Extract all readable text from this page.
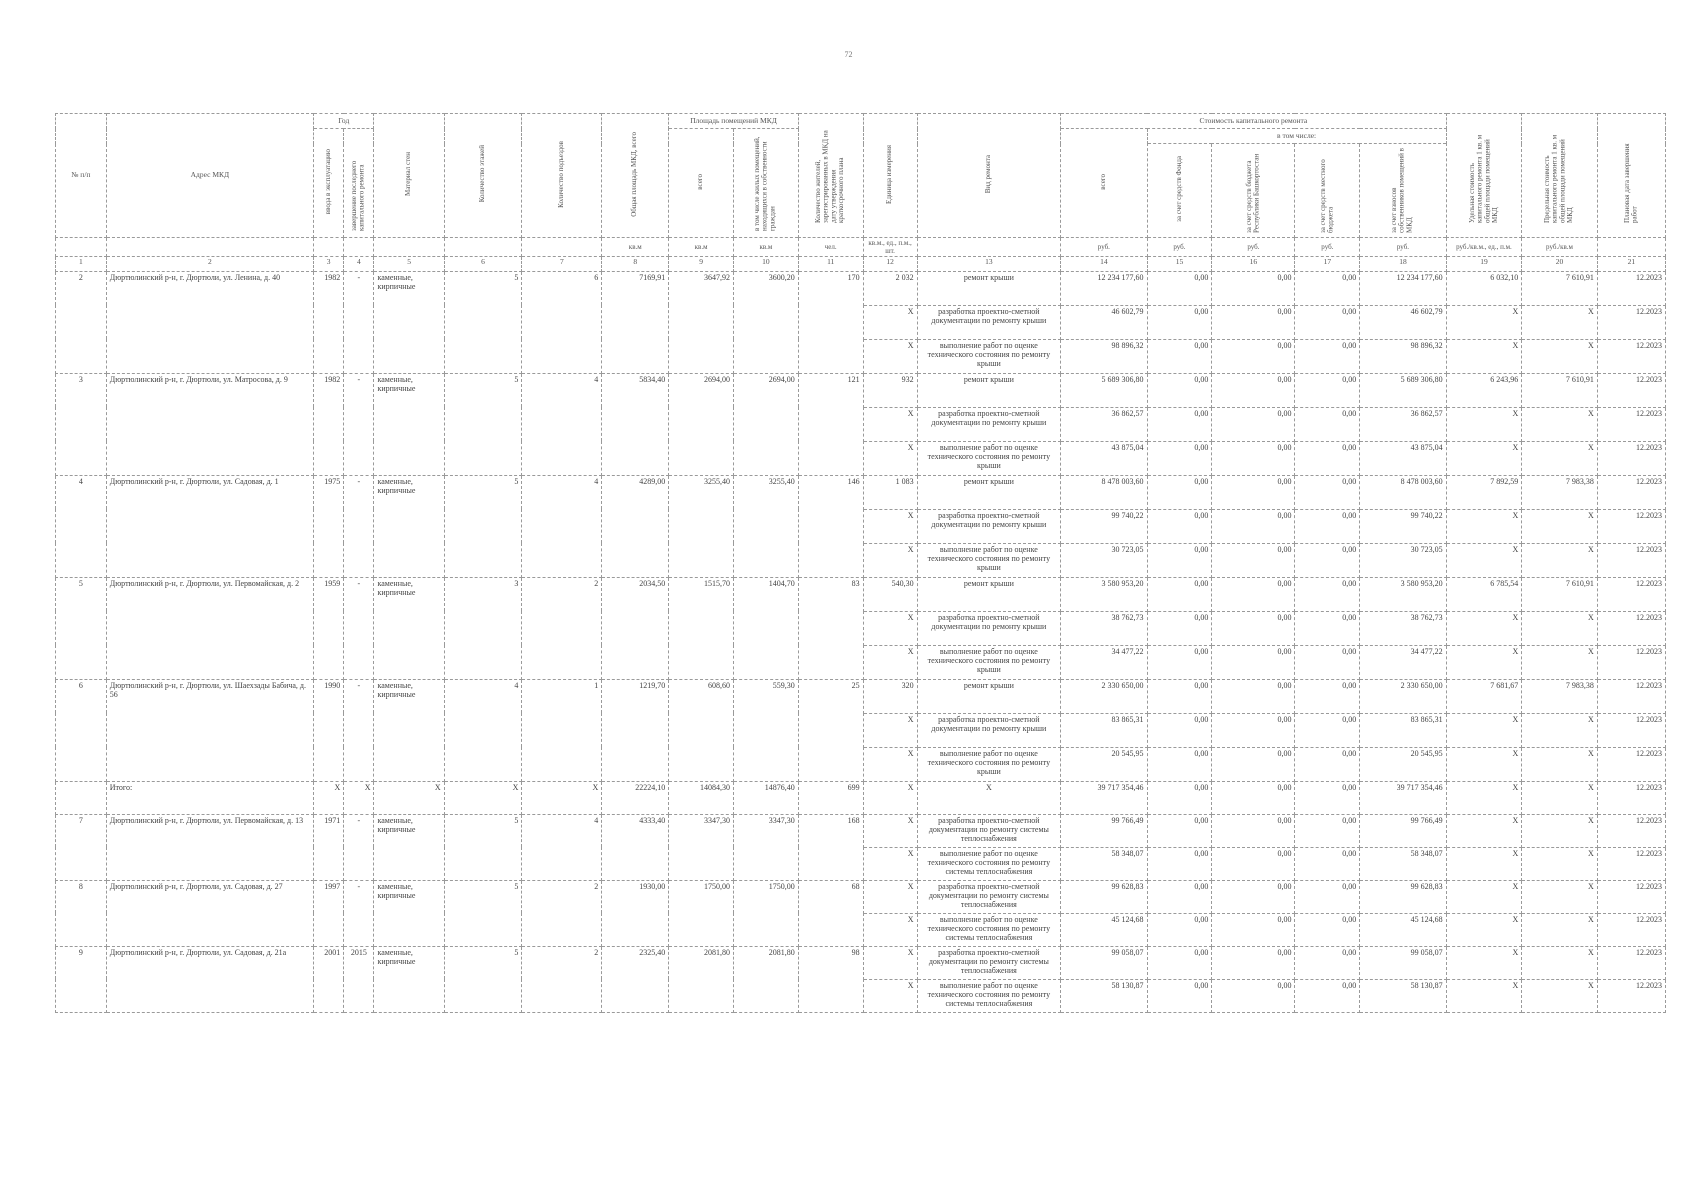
72
№ п/п	Адрес МКД	Год		Материал стен	Количество этажей	Количество подъездов	Общая площадь МКД, всего	Площадь помещений МКД		Количество жителей, зарегистрированных в МКД на дату утверждения краткосрочного плана	Единица измерения	Вид ремонта	Стоимость капитального ремонта					Удельная стоимость капитального ремонта 1 кв. м общей площади помещений МКД	Предельная стоимость капитального ремонта 1 кв. м общей площади помещений МКД	Плановая дата завершения работ
		ввода в эксплуатацию	завершение последнего капитального ремонта					всего	в том числе жилых помещений, находящихся в собственности граждан				всего	в том числе:						
														за счет средств Фонда	за счет средств бюджета Республики Башкортостан	за счет средств местного бюджета	за счет взносов собственников помещений в МКД			
							кв.м	кв.м	кв.м	чел.	кв.м., ед., п.м., шт.		руб.	руб.	руб.	руб.	руб.	руб./кв.м., ед., п.м.	руб./кв.м	
1	2	3	4	5	6	7	8	9	10	11	12	13	14	15	16	17	18	19	20	21
2	Дюртюлинский р-н, г. Дюртюли, ул. Ленина, д. 40	1982	-	каменные, кирпичные	5	6	7169,91	3647,92	3600,20	170	2 032	ремонт крыши	12 234 177,60	0,00	0,00	0,00	12 234 177,60	6 032,10	7 610,91	12.2023
											X	разработка проектно-сметной документации по ремонту крыши	46 602,79	0,00	0,00	0,00	46 602,79	X	X	12.2023
											X	выполнение работ по оценке технического состояния по ремонту крыши	98 896,32	0,00	0,00	0,00	98 896,32	X	X	12.2023
3	Дюртюлинский р-н, г. Дюртюли, ул. Матросова, д. 9	1982	-	каменные, кирпичные	5	4	5834,40	2694,00	2694,00	121	932	ремонт крыши	5 689 306,80	0,00	0,00	0,00	5 689 306,80	6 243,96	7 610,91	12.2023
											X	разработка проектно-сметной документации по ремонту крыши	36 862,57	0,00	0,00	0,00	36 862,57	X	X	12.2023
											X	выполнение работ по оценке технического состояния по ремонту крыши	43 875,04	0,00	0,00	0,00	43 875,04	X	X	12.2023
4	Дюртюлинский р-н, г. Дюртюли, ул. Садовая, д. 1	1975	-	каменные, кирпичные	5	4	4289,00	3255,40	3255,40	146	1 083	ремонт крыши	8 478 003,60	0,00	0,00	0,00	8 478 003,60	7 892,59	7 983,38	12.2023
											X	разработка проектно-сметной документации по ремонту крыши	99 740,22	0,00	0,00	0,00	99 740,22	X	X	12.2023
											X	выполнение работ по оценке технического состояния по ремонту крыши	30 723,05	0,00	0,00	0,00	30 723,05	X	X	12.2023
5	Дюртюлинский р-н, г. Дюртюли, ул. Первомайская, д. 2	1959	-	каменные, кирпичные	3	2	2034,50	1515,70	1404,70	83	540,30	ремонт крыши	3 580 953,20	0,00	0,00	0,00	3 580 953,20	6 785,54	7 610,91	12.2023
											X	разработка проектно-сметной документации по ремонту крыши	38 762,73	0,00	0,00	0,00	38 762,73	X	X	12.2023
											X	выполнение работ по оценке технического состояния по ремонту крыши	34 477,22	0,00	0,00	0,00	34 477,22	X	X	12.2023
6	Дюртюлинский р-н, г. Дюртюли, ул. Шаехзады Бабича, д. 56	1990	-	каменные, кирпичные	4	1	1219,70	608,60	559,30	25	320	ремонт крыши	2 330 650,00	0,00	0,00	0,00	2 330 650,00	7 681,67	7 983,38	12.2023
											X	разработка проектно-сметной документации по ремонту крыши	83 865,31	0,00	0,00	0,00	83 865,31	X	X	12.2023
											X	выполнение работ по оценке технического состояния по ремонту крыши	20 545,95	0,00	0,00	0,00	20 545,95	X	X	12.2023
	Итого:	X	X	X	X	X	22224,10	14084,30	14876,40	699	X	X	39 717 354,46	0,00	0,00	0,00	39 717 354,46	X	X	12.2023
7	Дюртюлинский р-н, г. Дюртюли, ул. Первомайская, д. 13	1971	-	каменные, кирпичные	5	4	4333,40	3347,30	3347,30	168	X	разработка проектно-сметной документации по ремонту системы теплоснабжения	99 766,49	0,00	0,00	0,00	99 766,49	X	X	12.2023
											X	выполнение работ по оценке технического состояния по ремонту системы теплоснабжения	58 348,07	0,00	0,00	0,00	58 348,07	X	X	12.2023
8	Дюртюлинский р-н, г. Дюртюли, ул. Садовая, д. 27	1997	-	каменные, кирпичные	5	2	1930,00	1750,00	1750,00	68	X	разработка проектно-сметной документации по ремонту системы теплоснабжения	99 628,83	0,00	0,00	0,00	99 628,83	X	X	12.2023
											X	выполнение работ по оценке технического состояния по ремонту системы теплоснабжения	45 124,68	0,00	0,00	0,00	45 124,68	X	X	12.2023
9	Дюртюлинский р-н, г. Дюртюли, ул. Садовая, д. 21а	2001	2015	каменные, кирпичные	5	2	2325,40	2081,80	2081,80	98	X	разработка проектно-сметной документации по ремонту системы теплоснабжения	99 058,07	0,00	0,00	0,00	99 058,07	X	X	12.2023
											X	выполнение работ по оценке технического состояния по ремонту системы теплоснабжения	58 130,87	0,00	0,00	0,00	58 130,87	X	X	12.2023
